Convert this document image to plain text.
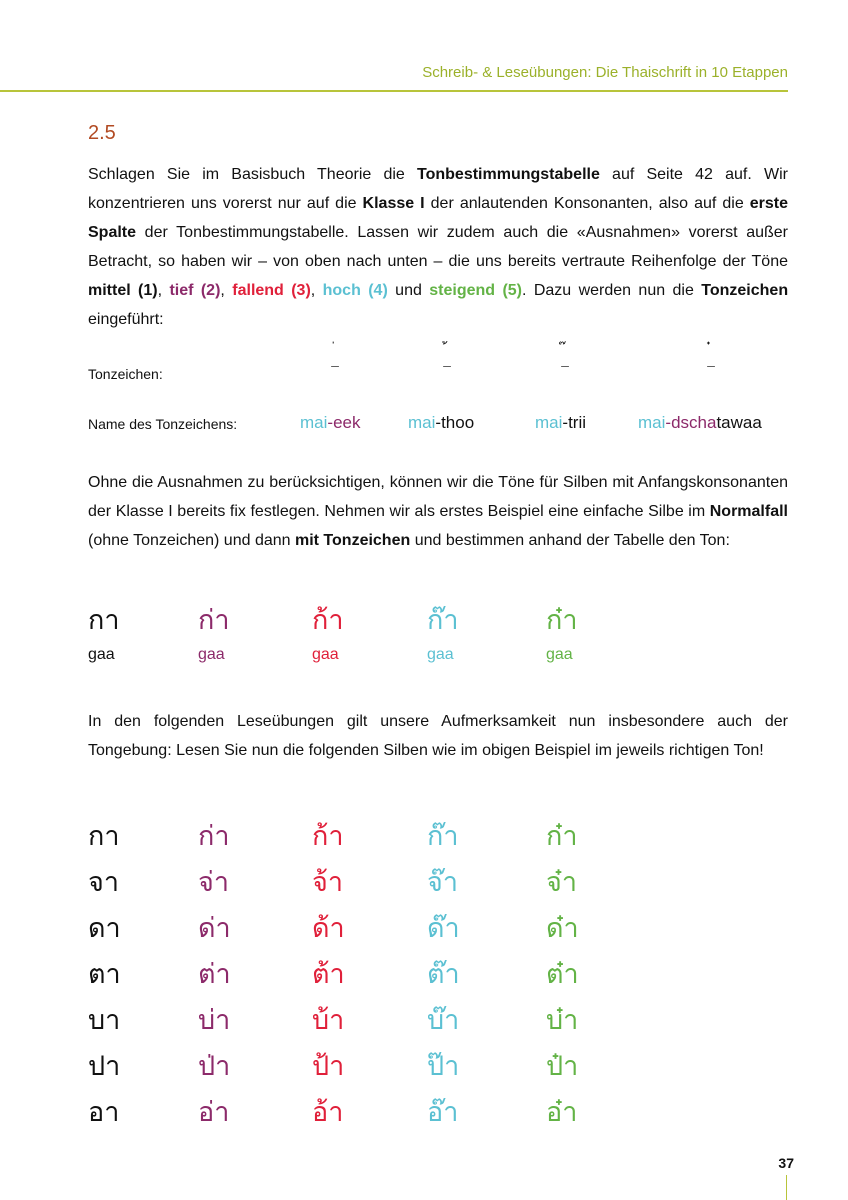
Schreib- & Leseübungen: Die Thaischrift in 10 Etappen
2.5
Schlagen Sie im Basisbuch Theorie die Tonbestimmungstabelle auf Seite 42 auf. Wir konzentrieren uns vorerst nur auf die Klasse I der anlautenden Konsonanten, also auf die erste Spalte der Tonbestimmungstabelle. Lassen wir zudem auch die «Ausnahmen» vorerst außer Betracht, so haben wir – von oben nach unten – die uns bereits vertraute Reihenfolge der Töne mittel (1), tief (2), fallend (3), hoch (4) und steigend (5). Dazu werden nun die Tonzeichen eingeführt:
Tonzeichen:
–	–	–	–
Name des Tonzeichens:	mai-eek	mai-thoo	mai-trii	mai-dschatawaa
Ohne die Ausnahmen zu berücksichtigen, können wir die Töne für Silben mit Anfangskonsonanten der Klasse I bereits fix festlegen. Nehmen wir als erstes Beispiel eine einfache Silbe im Normalfall (ohne Tonzeichen) und dann mit Tonzeichen und bestimmen anhand der Tabelle den Ton:
กา	ก่า	ก้า	ก๊า	ก๋า
gaa	gaa	gaa	gaa	gaa
In den folgenden Leseübungen gilt unsere Aufmerksamkeit nun insbesondere auch der Tongebung: Lesen Sie nun die folgenden Silben wie im obigen Beispiel im jeweils richtigen Ton!
กา	ก่า	ก้า	ก๊า	ก๋า
จา	จ่า	จ้า	จ๊า	จ๋า
ดา	ด่า	ด้า	ด๊า	ด๋า
ตา	ต่า	ต้า	ต๊า	ต๋า
บา	บ่า	บ้า	บ๊า	บ๋า
ปา	ป่า	ป้า	ป๊า	ป๋า
อา	อ่า	อ้า	อ๊า	อ๋า
37
